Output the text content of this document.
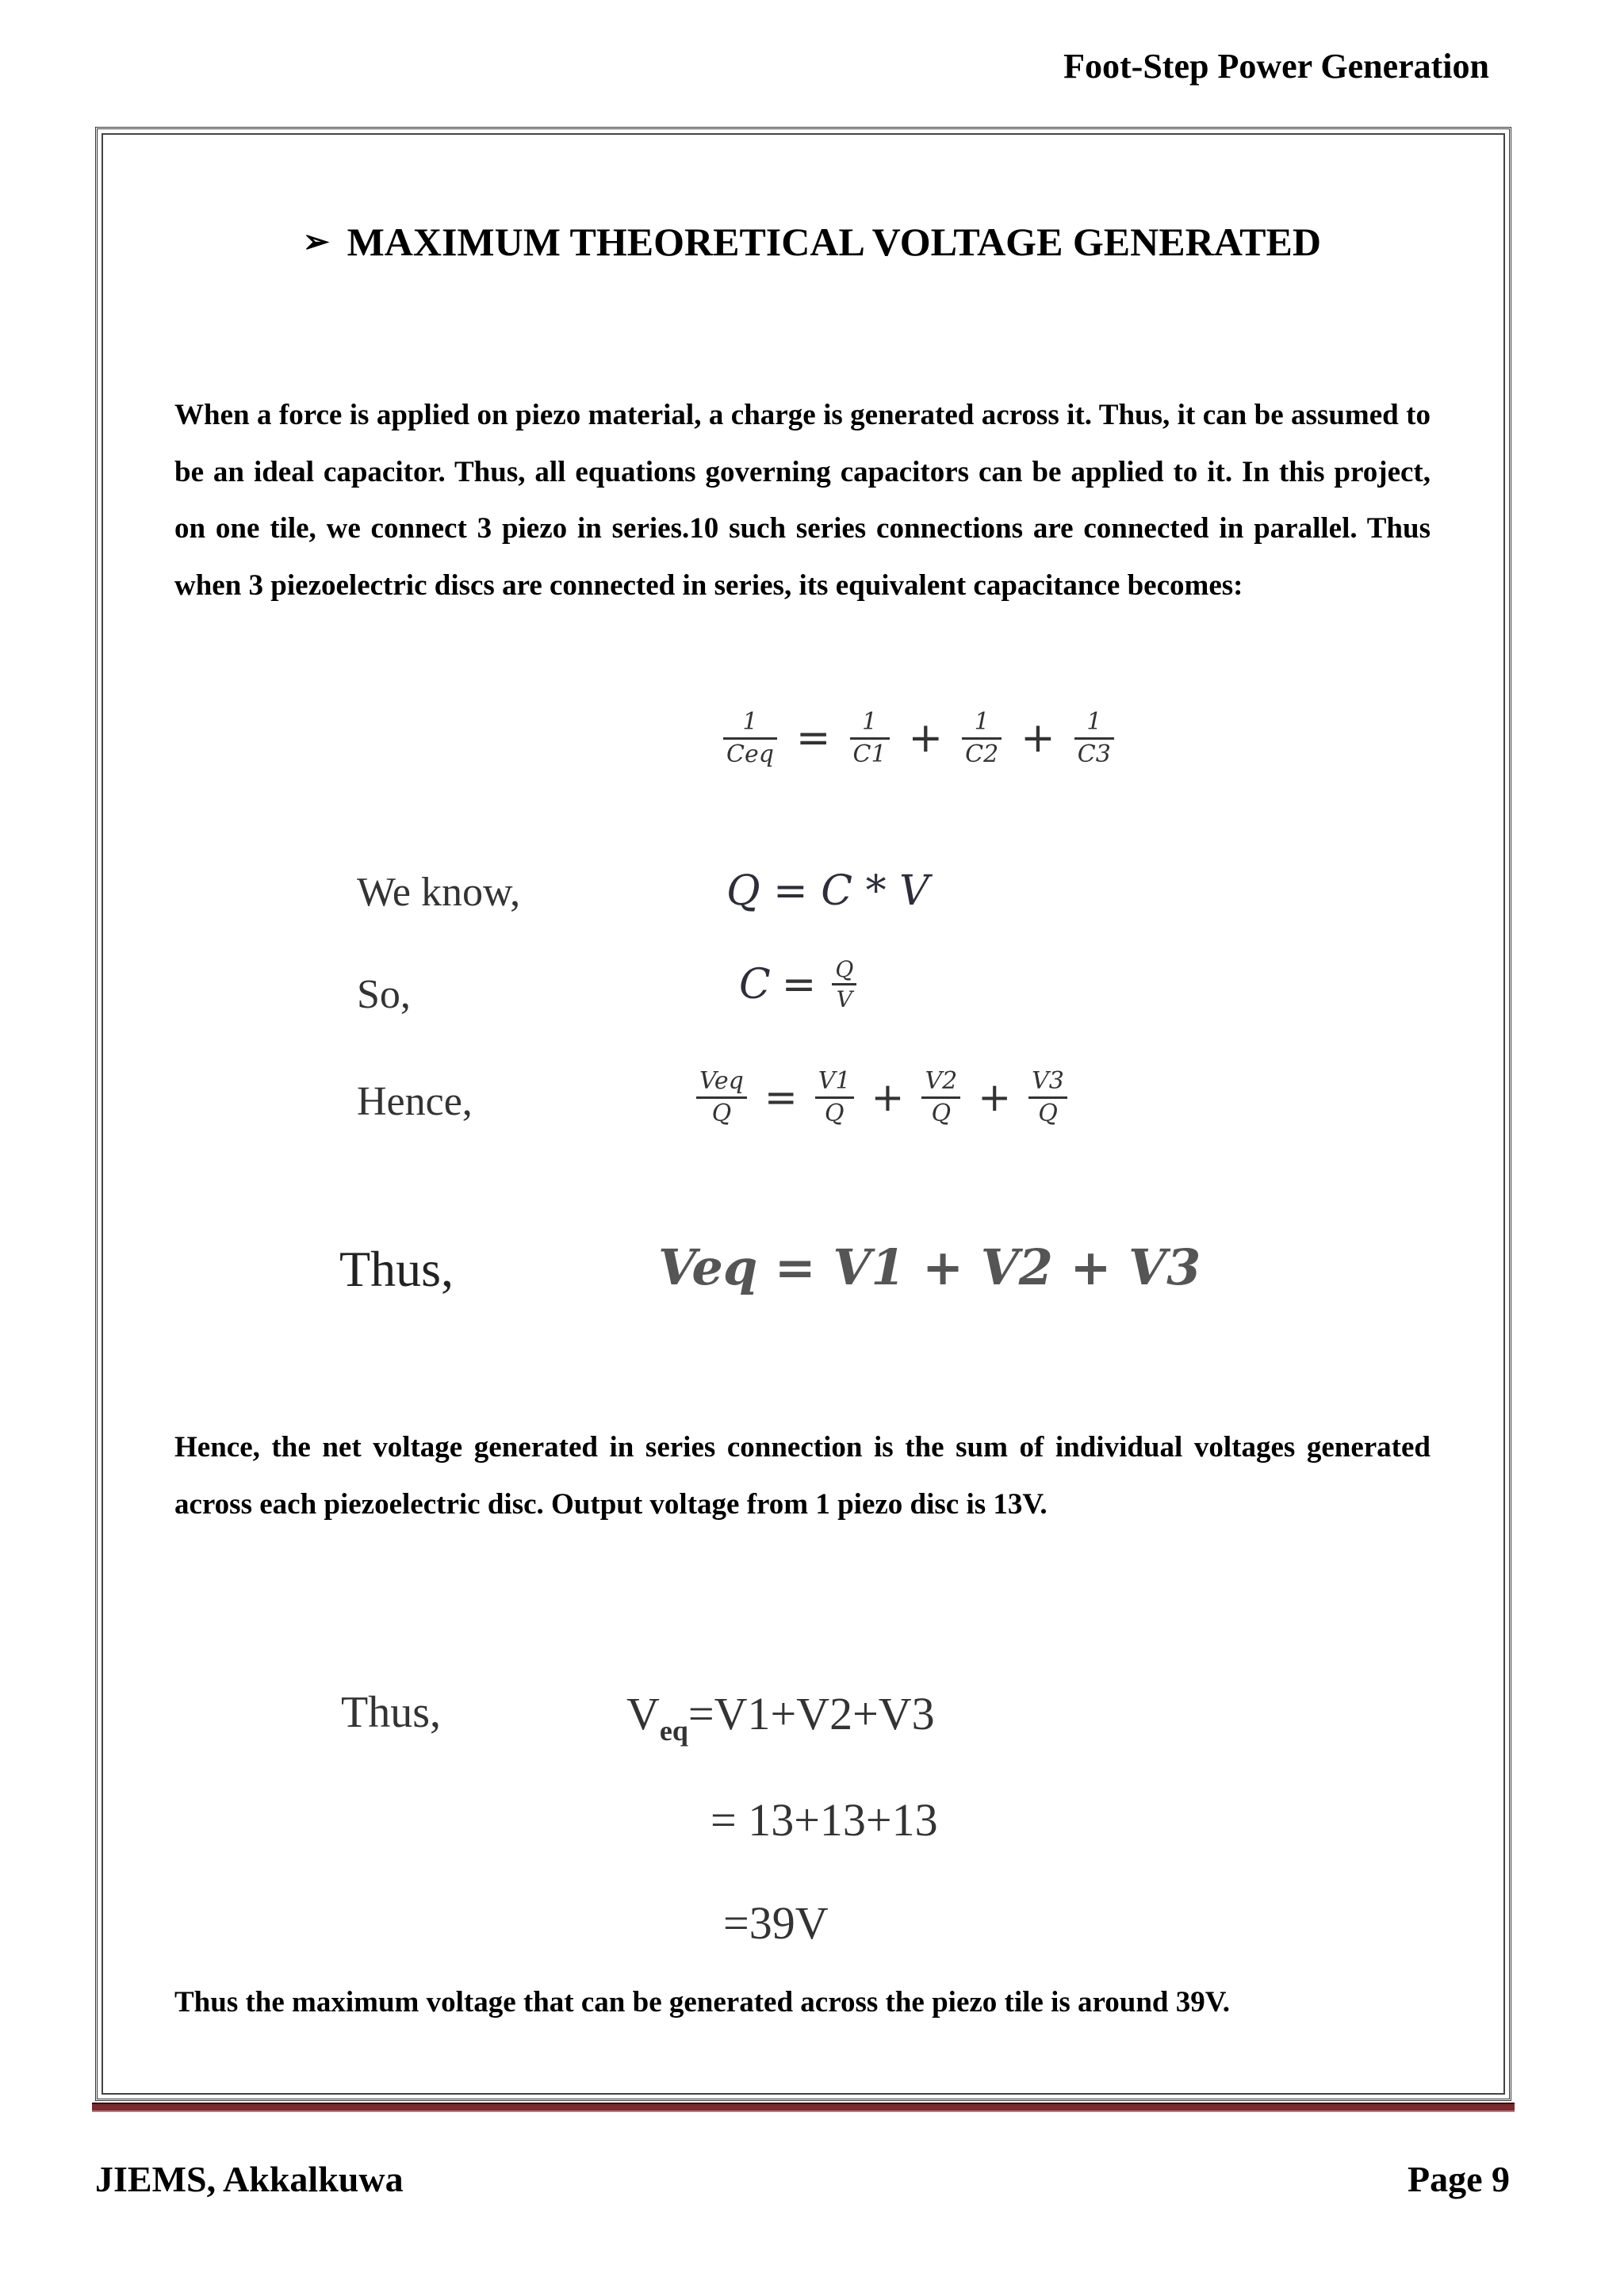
Foot-Step Power Generation
➢ MAXIMUM THEORETICAL VOLTAGE GENERATED

When a force is applied on piezo material, a charge is generated across it. Thus, it can be assumed to be an ideal capacitor. Thus, all equations governing capacitors can be applied to it. In this project, on one tile, we connect 3 piezo in series.10 such series connections are connected in parallel. Thus when 3 piezoelectric discs are connected in series, its equivalent capacitance becomes:

$\frac{1}{\text{Ceq}} = \frac{1}{C1} + \frac{1}{C2} + \frac{1}{C3}$
We know,	Q = C * V
So,	$C = \frac{Q}{V}$
Hence,	$\frac{\text{Veq}}{Q} = \frac{V1}{Q} + \frac{V2}{Q} + \frac{V3}{Q}$
Thus,	Veq = V1 + V2 + V3

Hence, the net voltage generated in series connection is the sum of individual voltages generated across each piezoelectric disc. Output voltage from 1 piezo disc is 13V.

Thus,	$V_{eq}=V1+V2+V3$
= 13+13+13
=39V

Thus the maximum voltage that can be generated across the piezo tile is around 39V.

JIEMS, Akkalkuwa	Page 9
